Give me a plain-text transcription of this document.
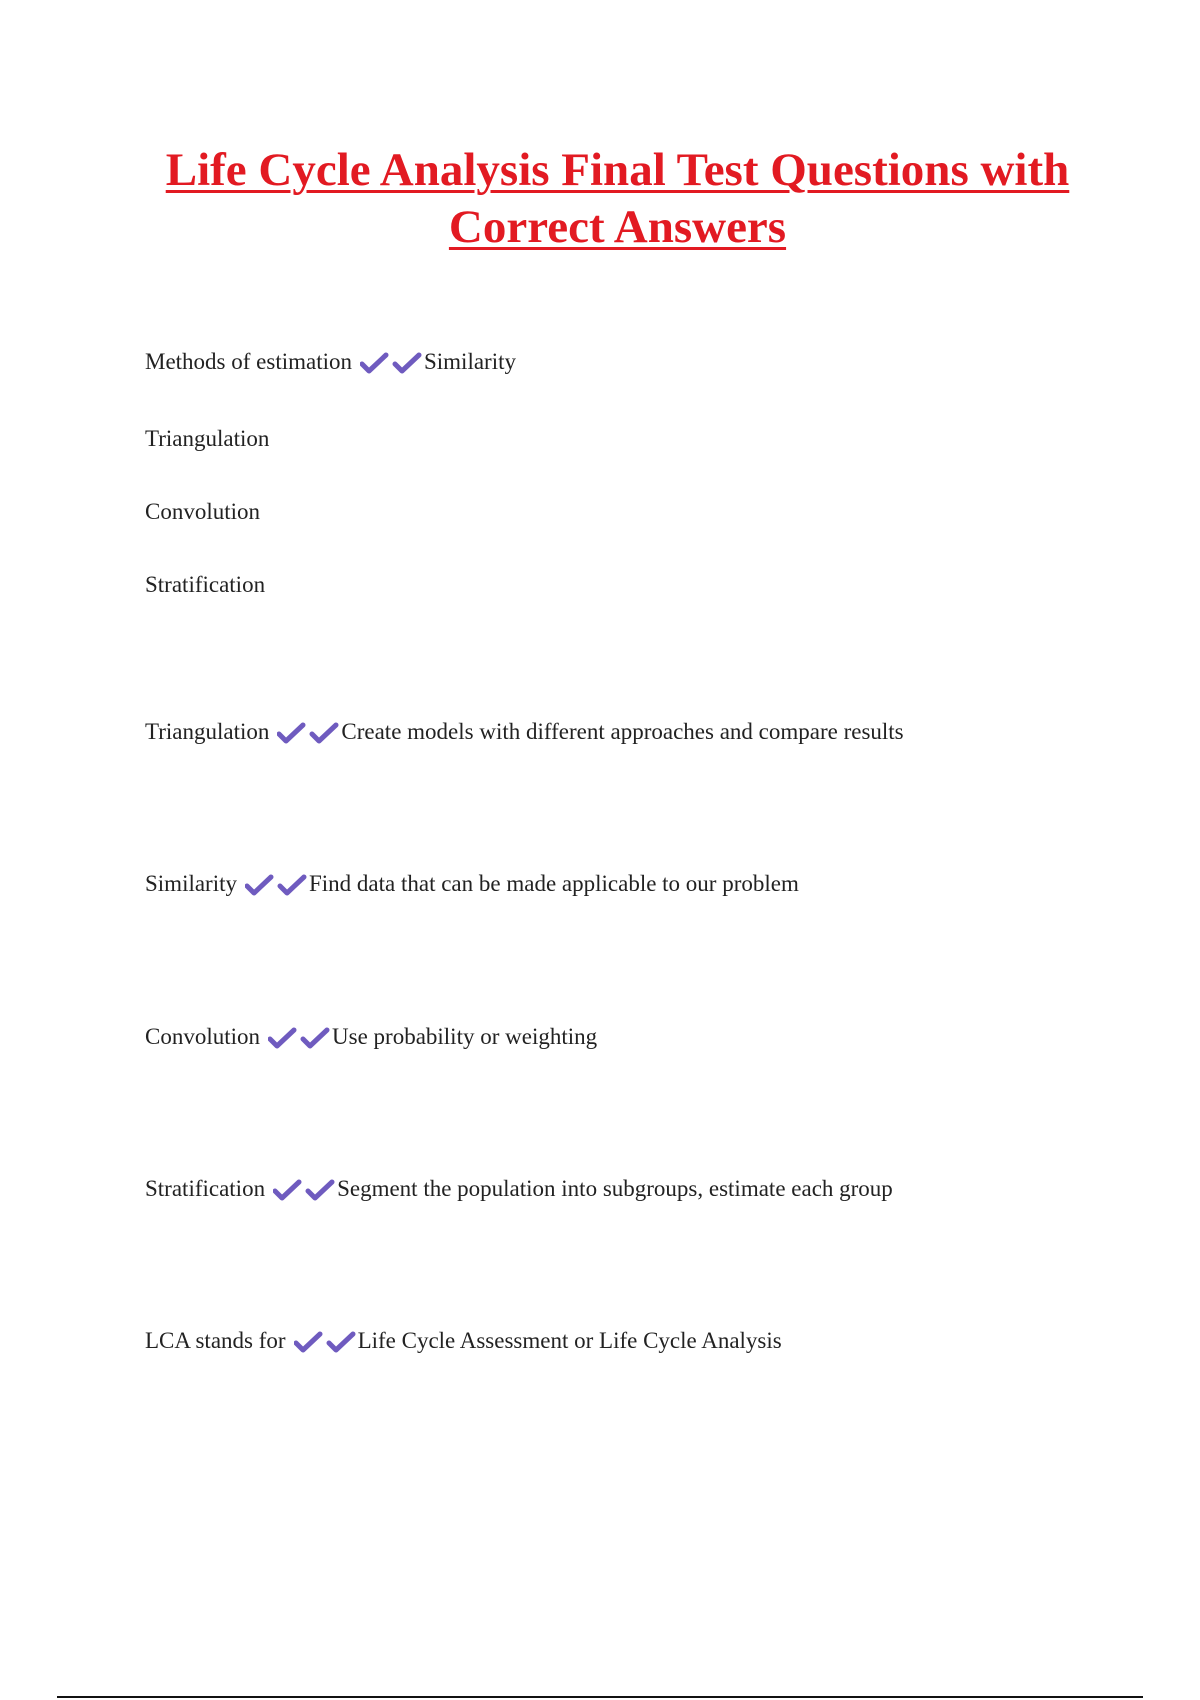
Life Cycle Analysis Final Test Questions with Correct Answers
Methods of estimation	Similarity
Triangulation
Convolution
Stratification
Triangulation	Create models with different approaches and compare results
Similarity	Find data that can be made applicable to our problem
Convolution	Use probability or weighting
Stratification	Segment the population into subgroups, estimate each group
LCA stands for	Life Cycle Assessment or Life Cycle Analysis
